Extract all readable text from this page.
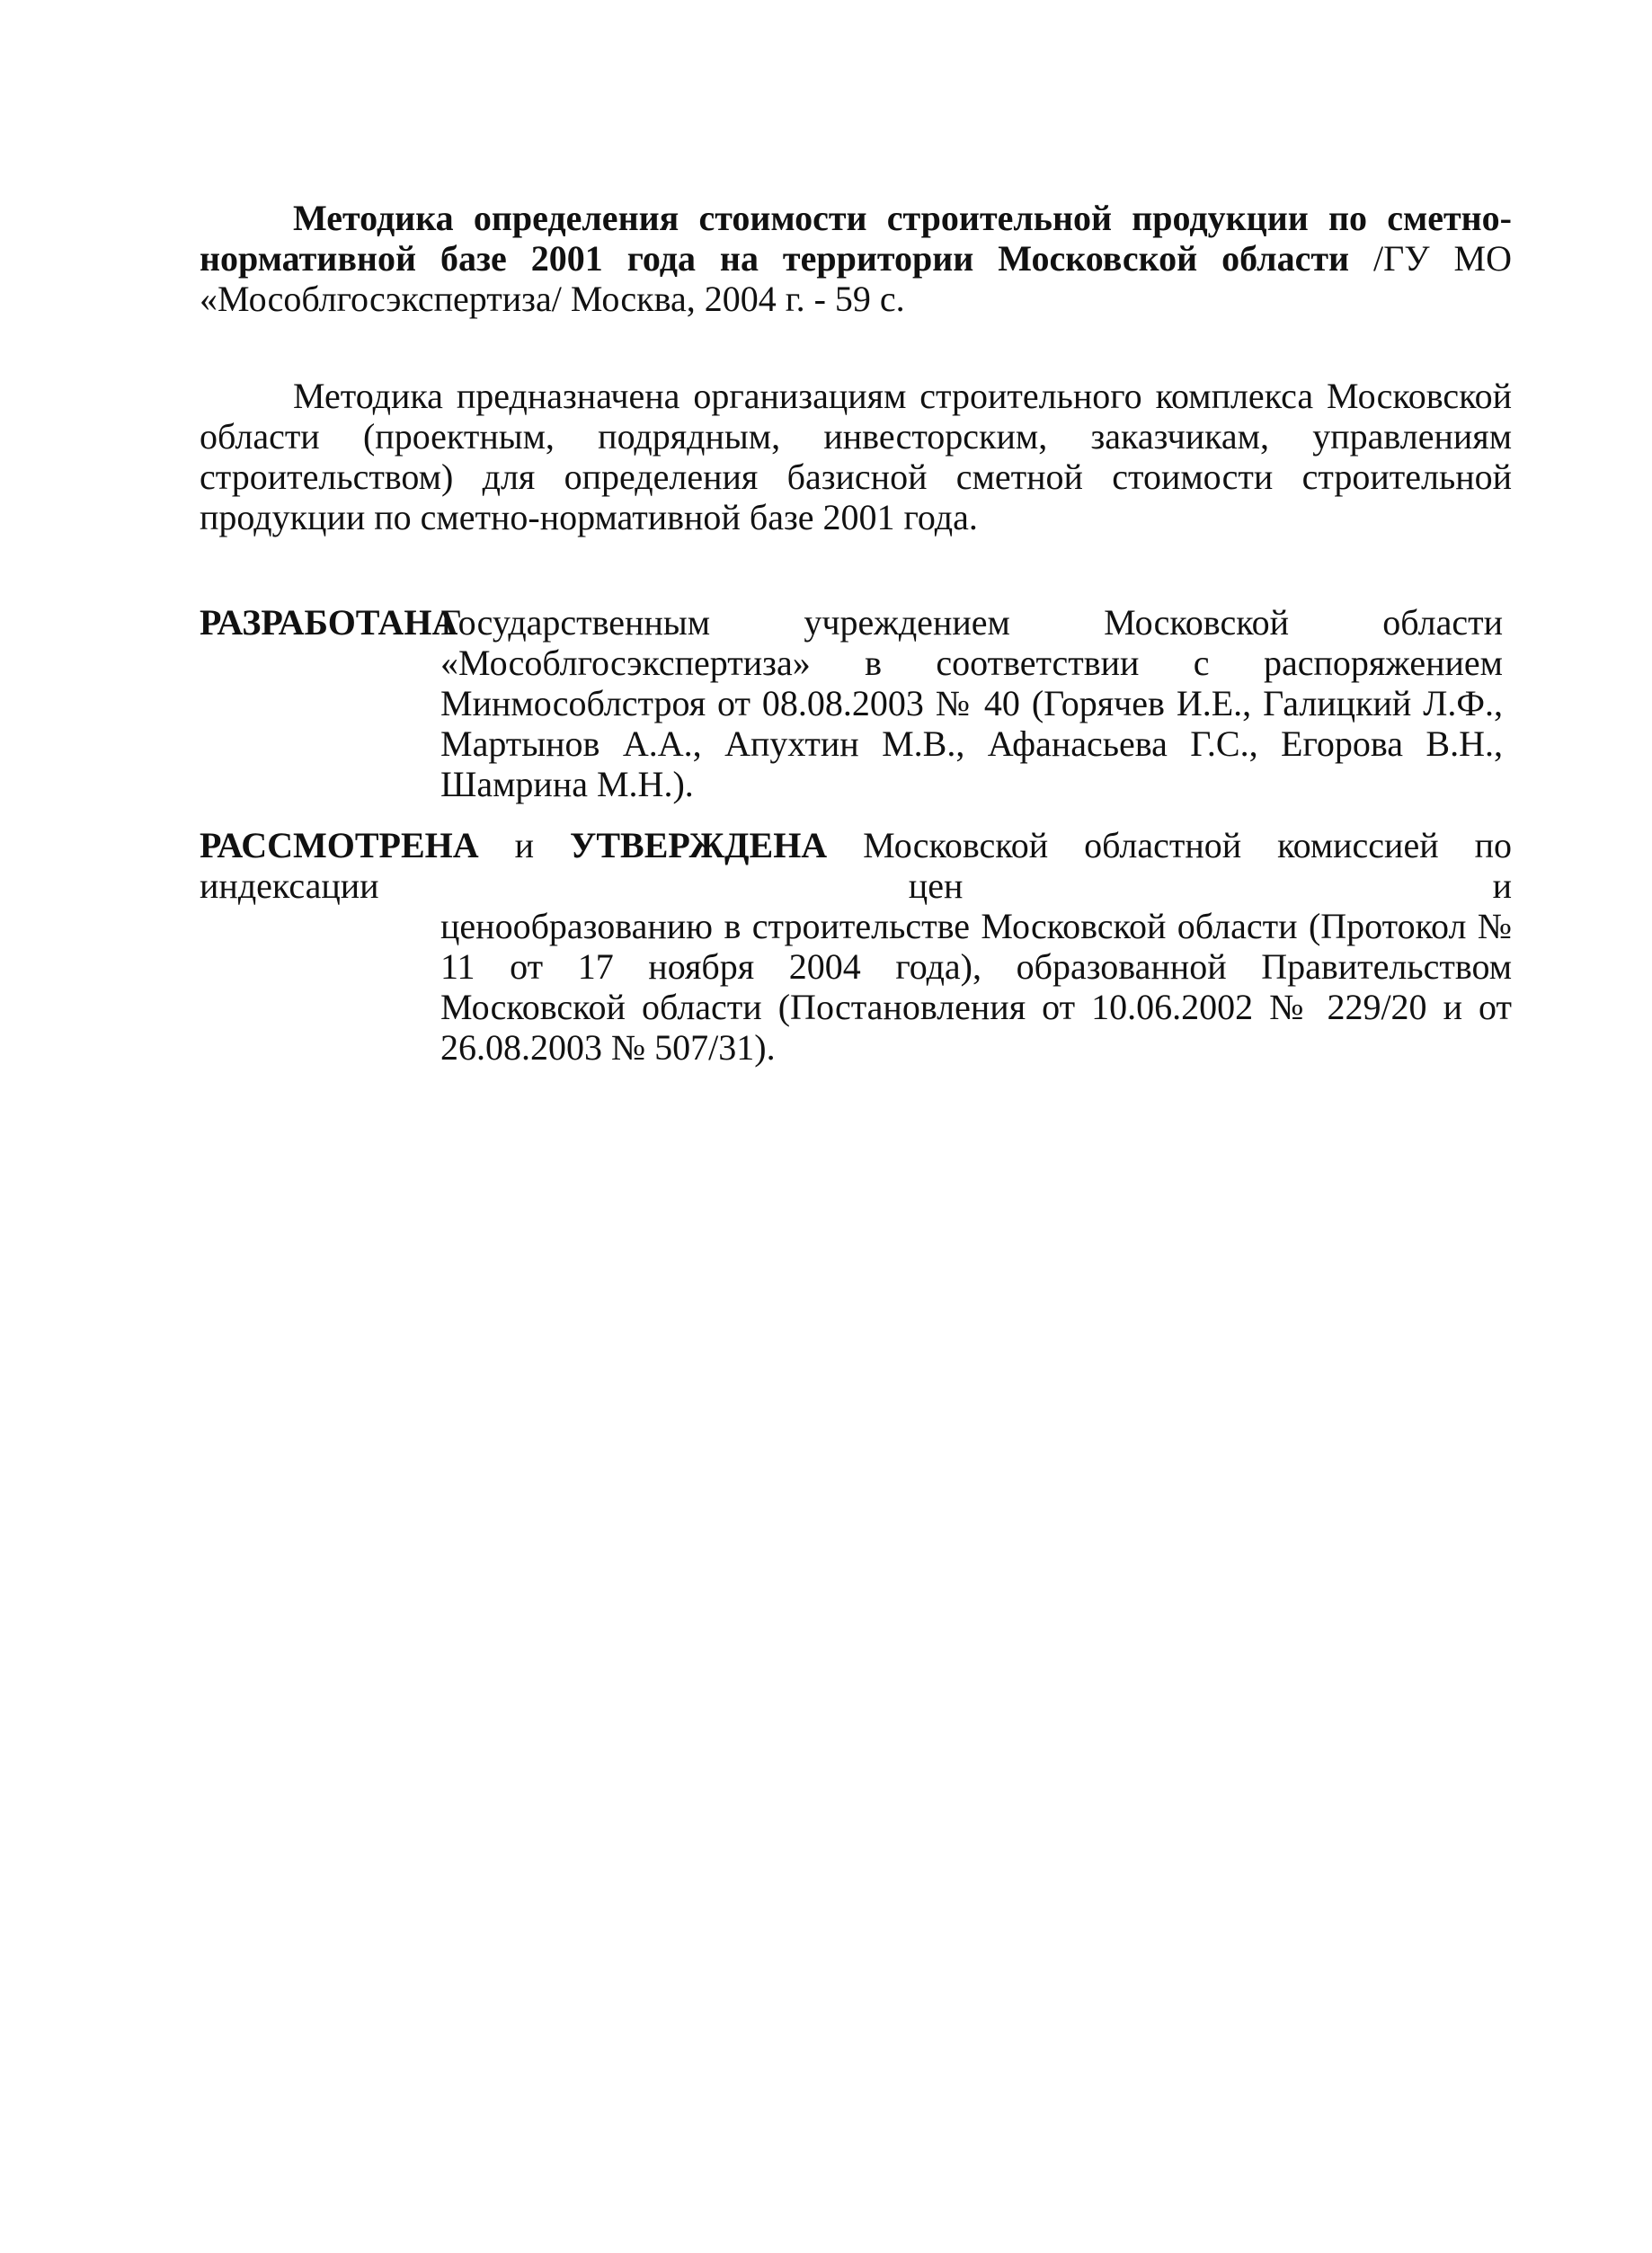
Методика определения стоимости строительной продукции по сметно-нормативной базе 2001 года на территории Московской области /ГУ МО «Мособлгосэкспертиза/ Москва, 2004 г. - 59 с.

Методика предназначена организациям строительного комплекса Московской области (проектным, подрядным, инвесторским, заказчикам, управлениям строительством) для определения базисной сметной стоимости строительной продукции по сметно-нормативной базе 2001 года.

РАЗРАБОТАНАГосударственным учреждением Московской области «Мособлгосэкспертиза» в соответствии с распоряжением Минмособлстроя от 08.08.2003 № 40 (Горячев И.Е., Галицкий Л.Ф., Мартынов А.А., Апухтин М.В., Афанасьева Г.С., Егорова В.Н., Шамрина М.Н.).
РАССМОТРЕНА и УТВЕРЖДЕНА Московской областной комиссией по индексации цен и
ценообразованию в строительстве Московской области (Протокол № 11 от 17 ноября 2004 года), образованной Правительством Московской области (Постановления от 10.06.2002 № 229/20 и от 26.08.2003 № 507/31).
